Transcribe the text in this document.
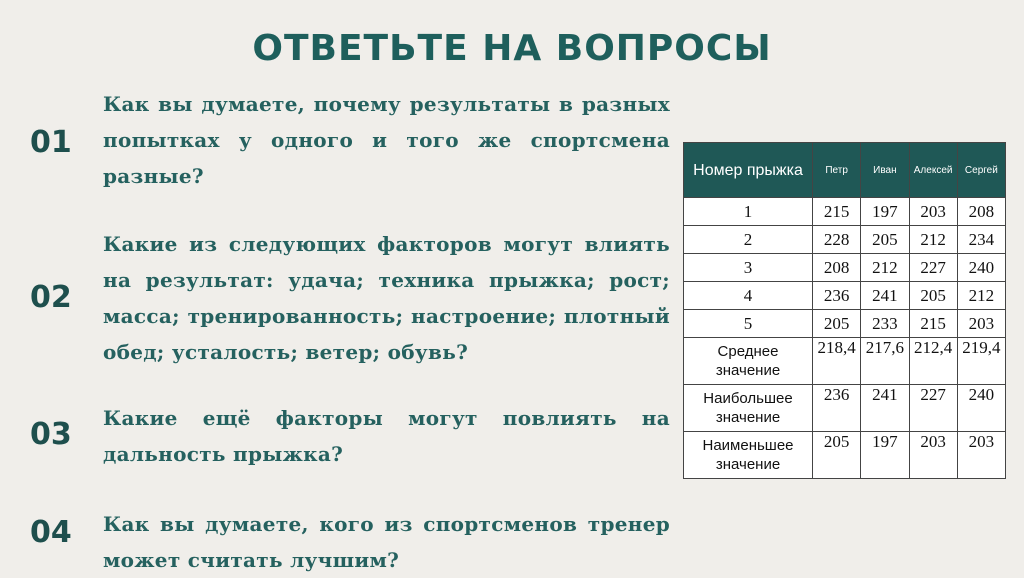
ОТВЕТЬТЕ НА ВОПРОСЫ
01
Как вы думаете, почему результаты в разных попытках у одного и того же спортсмена разные?
02
Какие из следующих факторов могут влиять на результат: удача; техника прыжка; рост; масса; тренированность; настроение; плотный обед; усталость; ветер; обувь?
03	Какие ещё факторы могут повлиять на дальность прыжка?
04	Как вы думаете, кого из спортсменов тренер может считать лучшим?
Номер прыжка	Петр	Иван	Алексей	Сергей
1	215	197	203	208
2	228	205	212	234
3	208	212	227	240
4	236	241	205	212
5	205	233	215	203
Среднее значение	218,4	217,6	212,4	219,4
Наибольшее значение	236	241	227	240
Наименьшее значение	205	197	203	203
